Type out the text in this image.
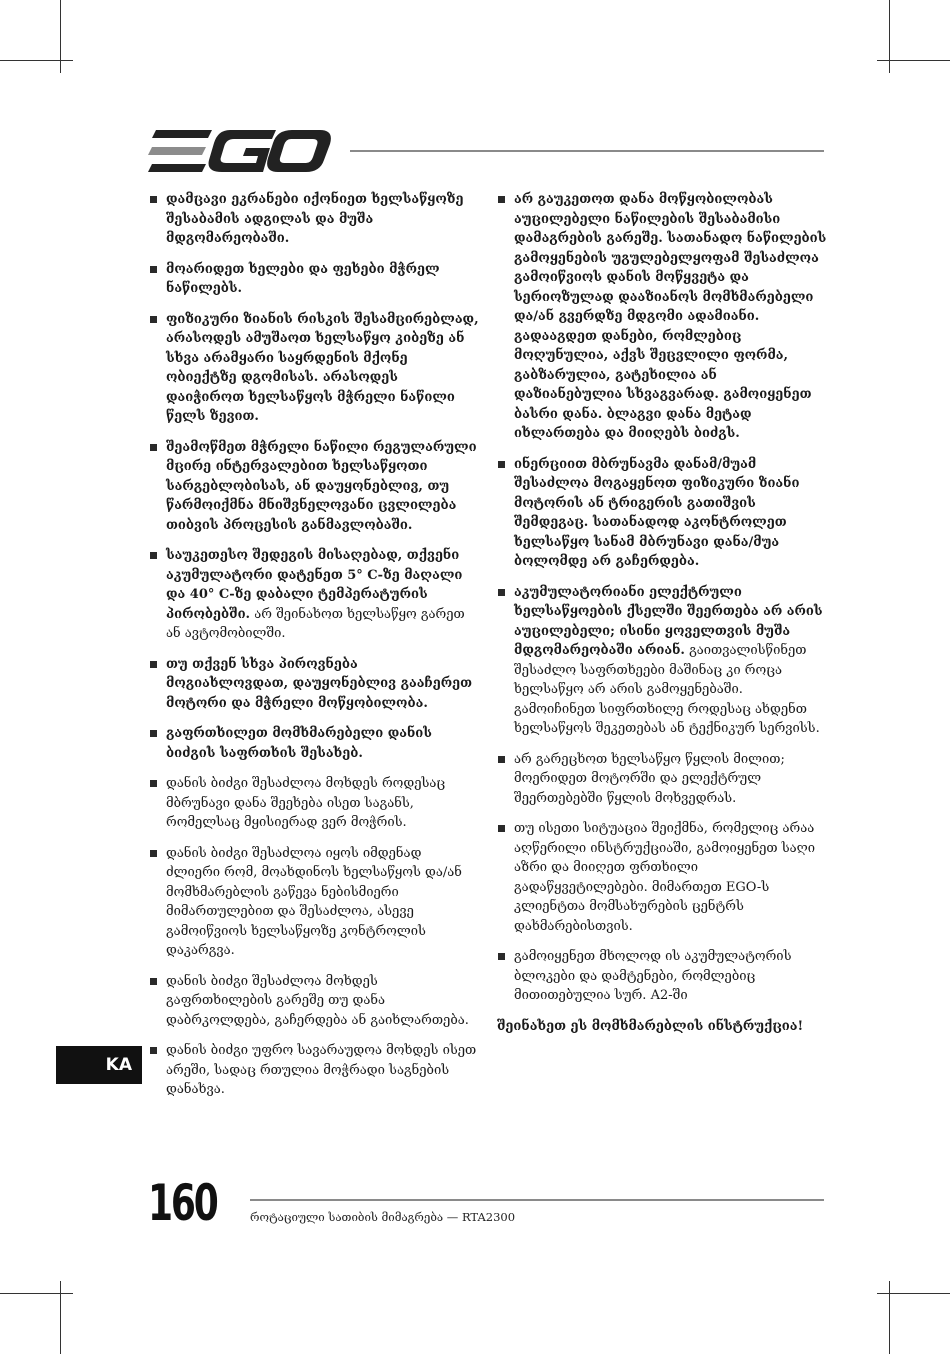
დამცავი ეკრანები იქონიეთ ხელსაწყოზე შესაბამის ადგილას და მუშა მდგომარეობაში.
მოარიდეთ ხელები და ფეხები მჭრელ ნაწილებს.
ფიზიკური ზიანის რისკის შესამცირებლად, არასოდეს ამუშაოთ ხელსაწყო კიბეზე ან სხვა არამყარი საყრდენის მქონე ობიექტზე დგომისას. არასოდეს დაიჭიროთ ხელსაწყოს მჭრელი ნაწილი წელს ზევით.
შეამოწმეთ მჭრელი ნაწილი რეგულარული მცირე ინტერვალებით ხელსაწყოთი სარგებლობისას, ან დაუყონებლივ, თუ წარმოიქმნა მნიშვნელოვანი ცვლილება თიბვის პროცესის განმავლობაში.
საუკეთესო შედეგის მისაღებად, თქვენი აკუმულატორი დატენეთ 5° C-ზე მაღალი და 40° C-ზე დაბალი ტემპერატურის პირობებში. არ შეინახოთ ხელსაწყო გარეთ ან ავტომობილში.
თუ თქვენ სხვა პიროვნება მოგიახლოვდათ, დაუყონებლივ გააჩერეთ მოტორი და მჭრელი მოწყობილობა.
გაფრთხილეთ მომხმარებელი დანის ბიძგის საფრთხის შესახებ.
დანის ბიძგი შესაძლოა მოხდეს როდესაც მბრუნავი დანა შეეხება ისეთ საგანს, რომელსაც მყისიერად ვერ მოჭრის.
დანის ბიძგი შესაძლოა იყოს იმდენად ძლიერი რომ, მოახდინოს ხელსაწყოს და/ან მომხმარებლის გაწევა ნებისმიერი მიმართულებით და შესაძლოა, ასევე გამოიწვიოს ხელსაწყოზე კონტროლის დაკარგვა.
დანის ბიძგი შესაძლოა მოხდეს გაფრთხილების გარეშე თუ დანა დაბრკოლდება, გაჩერდება ან გაიხლართება.
დანის ბიძგი უფრო სავარაუდოა მოხდეს ისეთ არეში, სადაც რთულია მოჭრადი საგნების დანახვა.
არ გაუკეთოთ დანა მოწყობილობას აუცილებელი ნაწილების შესაბამისი დამაგრების გარეშე. სათანადო ნაწილების გამოყენების უგულებელყოფამ შესაძლოა გამოიწვიოს დანის მოწყვეტა და სერიოზულად დააზიანოს მომხმარებელი და/ან გვერდზე მდგომი ადამიანი. გადააგდეთ დანები, რომლებიც მოღუნულია, აქვს შეცვლილი ფორმა, გაბზარულია, გატეხილია ან დაზიანებულია სხვაგვარად. გამოიყენეთ ბასრი დანა. ბლაგვი დანა მეტად იხლართება და მიიღებს ბიძგს.
ინერციით მბრუნავმა დანამ/მუამ შესაძლოა მოგაყენოთ ფიზიკური ზიანი მოტორის ან ტრიგერის გათიშვის შემდეგაც. სათანადოდ აკონტროლეთ ხელსაწყო სანამ მბრუნავი დანა/მუა ბოლომდე არ გაჩერდება.
აკუმულატორიანი ელექტრული ხელსაწყოების ქსელში შეერთება არ არის აუცილებელი; ისინი ყოველთვის მუშა მდგომარეობაში არიან. გაითვალისწინეთ შესაძლო საფრთხეები მაშინაც კი როცა ხელსაწყო არ არის გამოყენებაში. გამოიჩინეთ სიფრთხილე როდესაც ახდენთ ხელსაწყოს შეკეთებას ან ტექნიკურ სერვისს.
არ გარეცხოთ ხელსაწყო წყლის მილით; მოერიდეთ მოტორში და ელექტრულ შეერთებებში წყლის მოხვედრას.
თუ ისეთი სიტუაცია შეიქმნა, რომელიც არაა აღწერილი ინსტრუქციაში, გამოიყენეთ საღი აზრი და მიიღეთ ფრთხილი გადაწყვეტილებები. მიმართეთ EGO-ს კლიენტთა მომსახურების ცენტრს დახმარებისთვის.
გამოიყენეთ მხოლოდ ის აკუმულატორის ბლოკები და დამტენები, რომლებიც მითითებულია სურ. A2-ში
შეინახეთ ეს მომხმარებლის ინსტრუქცია!
KA
160	როტაციული სათიბის მიმაგრება — RTA2300
